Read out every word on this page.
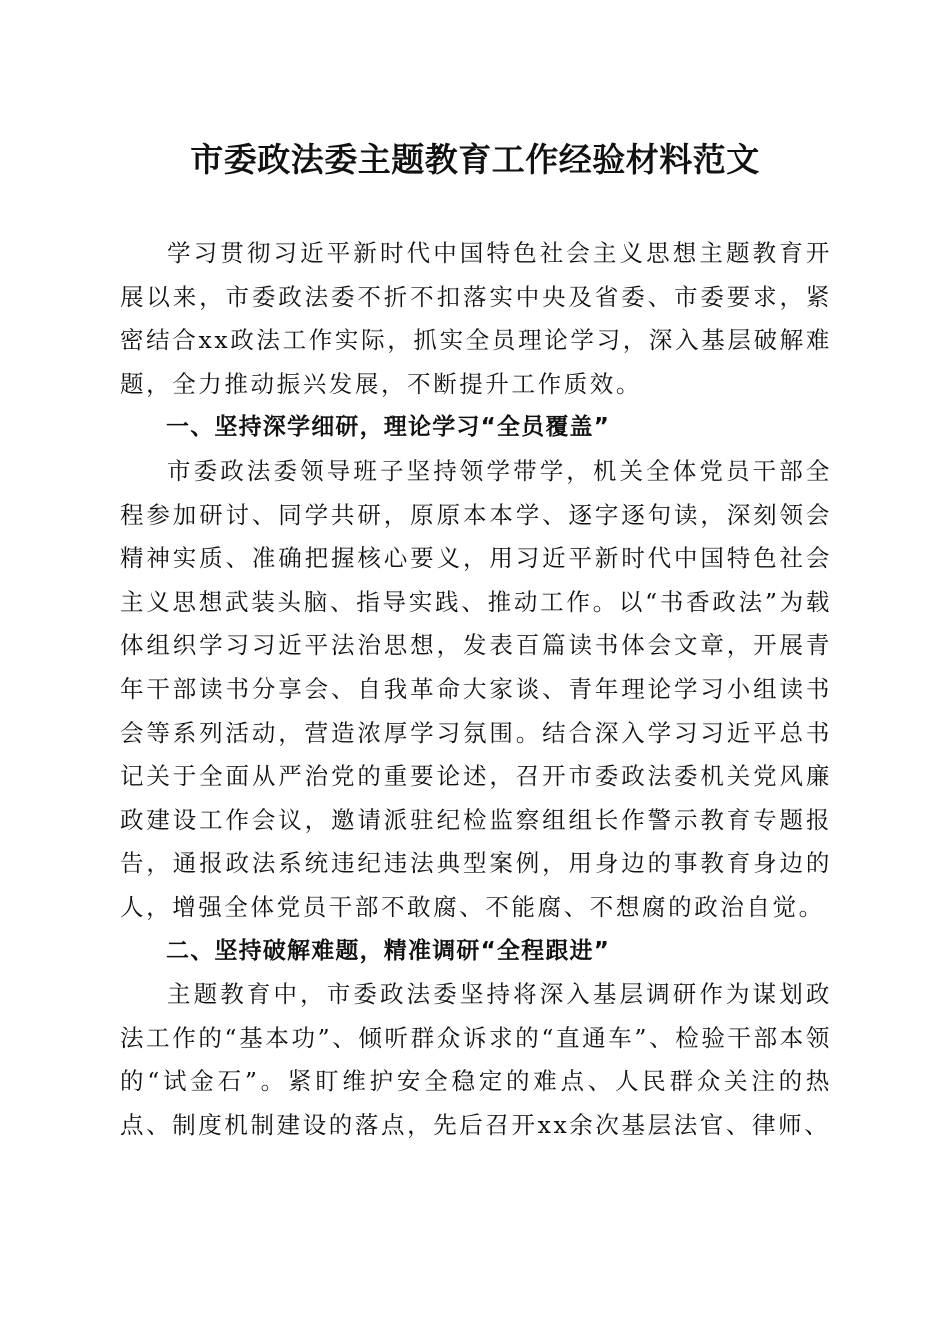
市委政法委主题教育工作经验材料范文

学习贯彻习近平新时代中国特色社会主义思想主题教育开展以来，市委政法委不折不扣落实中央及省委、市委要求，紧密结合xx政法工作实际，抓实全员理论学习，深入基层破解难题，全力推动振兴发展，不断提升工作质效。

一、坚持深学细研，理论学习“全员覆盖”

市委政法委领导班子坚持领学带学，机关全体党员干部全程参加研讨、同学共研，原原本本学、逐字逐句读，深刻领会精神实质、准确把握核心要义，用习近平新时代中国特色社会主义思想武装头脑、指导实践、推动工作。以“书香政法”为载体组织学习习近平法治思想，发表百篇读书体会文章，开展青年干部读书分享会、自我革命大家谈、青年理论学习小组读书会等系列活动，营造浓厚学习氛围。结合深入学习习近平总书记关于全面从严治党的重要论述，召开市委政法委机关党风廉政建设工作会议，邀请派驻纪检监察组组长作警示教育专题报告，通报政法系统违纪违法典型案例，用身边的事教育身边的人，增强全体党员干部不敢腐、不能腐、不想腐的政治自觉。

二、坚持破解难题，精准调研“全程跟进”

主题教育中，市委政法委坚持将深入基层调研作为谋划政法工作的“基本功”、倾听群众诉求的“直通车”、检验干部本领的“试金石”。紧盯维护安全稳定的难点、人民群众关注的热点、制度机制建设的落点，先后召开xx余次基层法官、律师、
